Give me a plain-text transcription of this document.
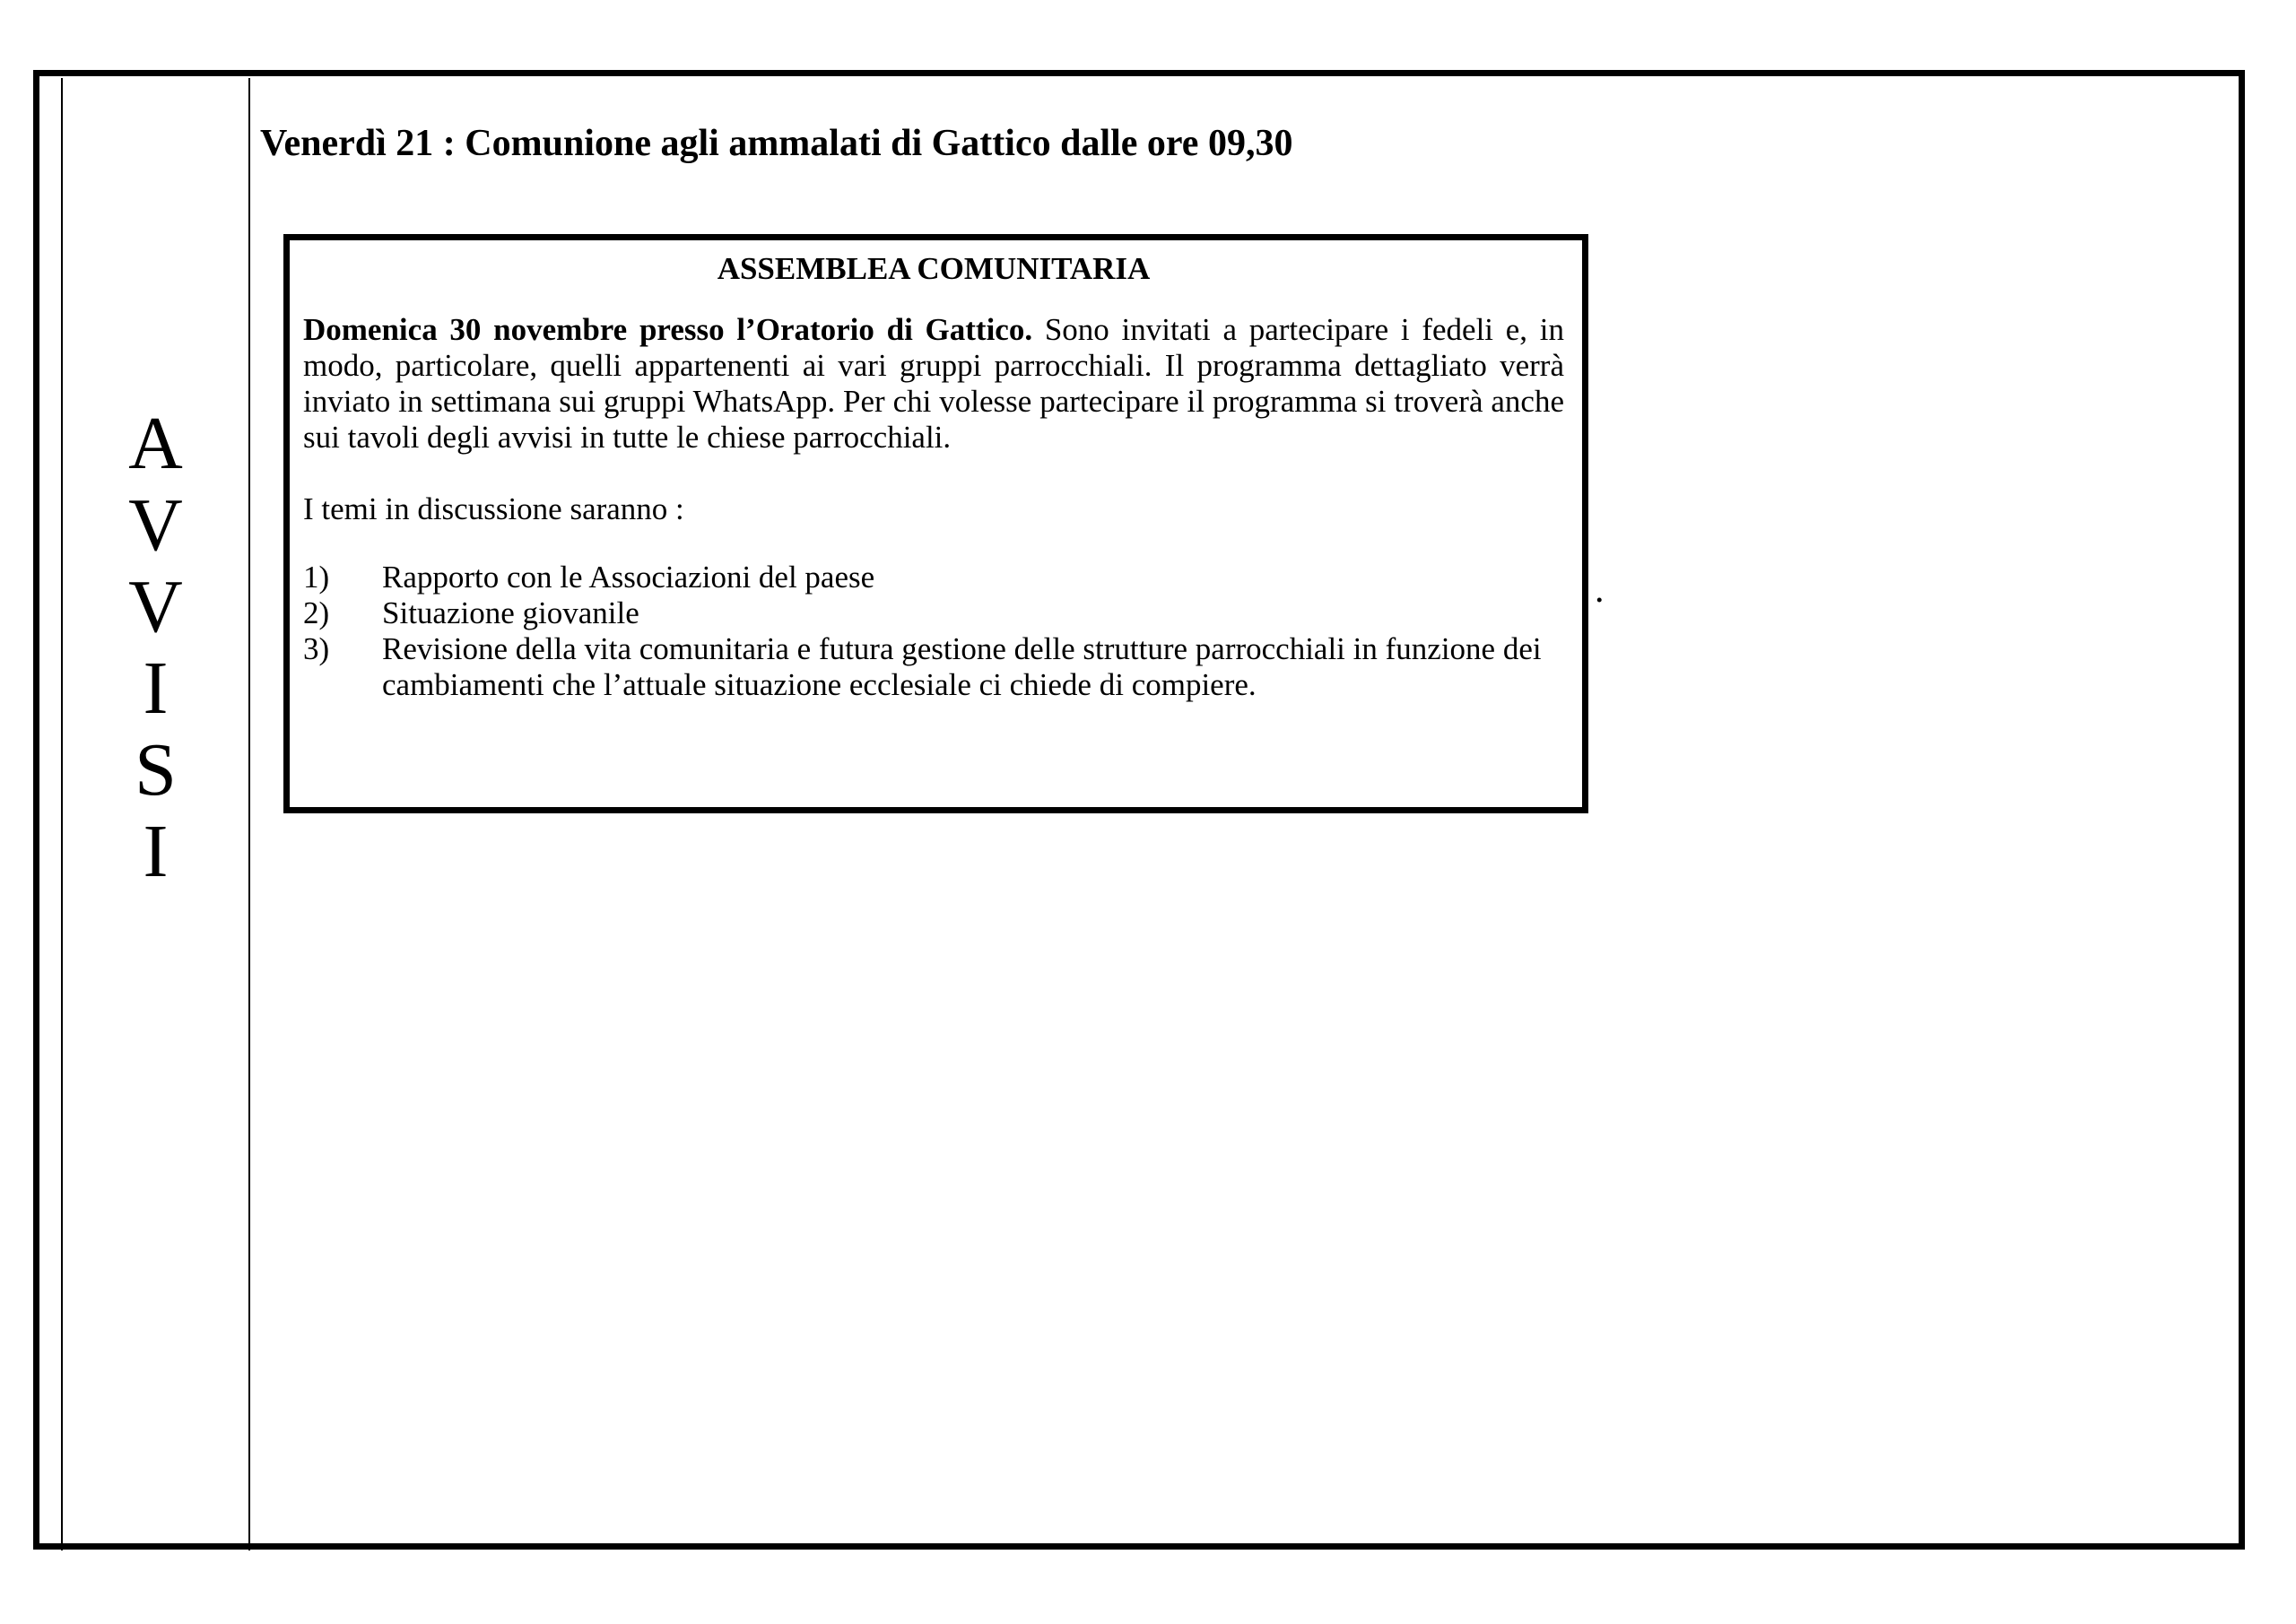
A
V
V
I
S
I
Venerdì 21 : Comunione agli ammalati di Gattico dalle ore 09,30

ASSEMBLEA COMUNITARIA

Domenica 30 novembre presso l’Oratorio di Gattico. Sono invitati a partecipare i fedeli e, in modo, particolare, quelli appartenenti ai vari gruppi parrocchiali. Il programma dettagliato verrà inviato in settimana sui gruppi WhatsApp. Per chi volesse partecipare il programma si troverà anche sui tavoli degli avvisi in tutte le chiese parrocchiali.

I temi in discussione saranno :

1)	Rapporto con le Associazioni del paese
2)	Situazione giovanile
3)	Revisione della vita comunitaria e futura gestione delle strutture parrocchiali in funzione dei cambiamenti che l’attuale situazione ecclesiale ci chiede di compiere.
.
